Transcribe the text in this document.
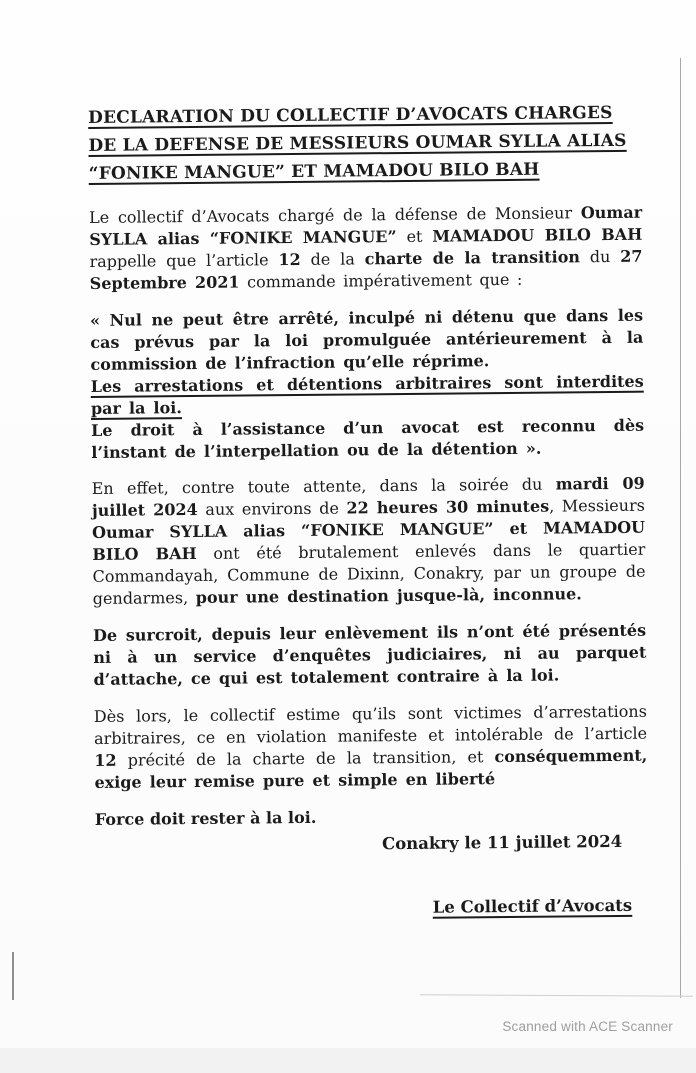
DECLARATION DU COLLECTIF D’AVOCATS CHARGES
DE LA DEFENSE DE MESSIEURS OUMAR SYLLA ALIAS
“FONIKE MANGUE” ET MAMADOU BILO BAH

Le collectif d’Avocats chargé de la défense de Monsieur Oumar SYLLA alias “FONIKE MANGUE” et MAMADOU BILO BAH rappelle que l’article 12 de la charte de la transition du 27 Septembre 2021 commande impérativement que :

« Nul ne peut être arrêté, inculpé ni détenu que dans les cas prévus par la loi promulguée antérieurement à la commission de l’infraction qu’elle réprime.

Les arrestations et détentions arbitraires sont interdites par la loi.

Le droit à l’assistance d’un avocat est reconnu dès l’instant de l’interpellation ou de la détention ».

En effet, contre toute attente, dans la soirée du mardi 09 juillet 2024 aux environs de 22 heures 30 minutes, Messieurs Oumar SYLLA alias “FONIKE MANGUE” et MAMADOU BILO BAH ont été brutalement enlevés dans le quartier Commandayah, Commune de Dixinn, Conakry, par un groupe de gendarmes, pour une destination jusque-là, inconnue.

De surcroit, depuis leur enlèvement ils n’ont été présentés ni à un service d’enquêtes judiciaires, ni au parquet d’attache, ce qui est totalement contraire à la loi.

Dès lors, le collectif estime qu’ils sont victimes d’arrestations arbitraires, ce en violation manifeste et intolérable de l’article 12 précité de la charte de la transition, et conséquemment, exige leur remise pure et simple en liberté

Force doit rester à la loi.

Conakry le 11 juillet 2024

Le Collectif d’Avocats

Scanned with ACE Scanner
